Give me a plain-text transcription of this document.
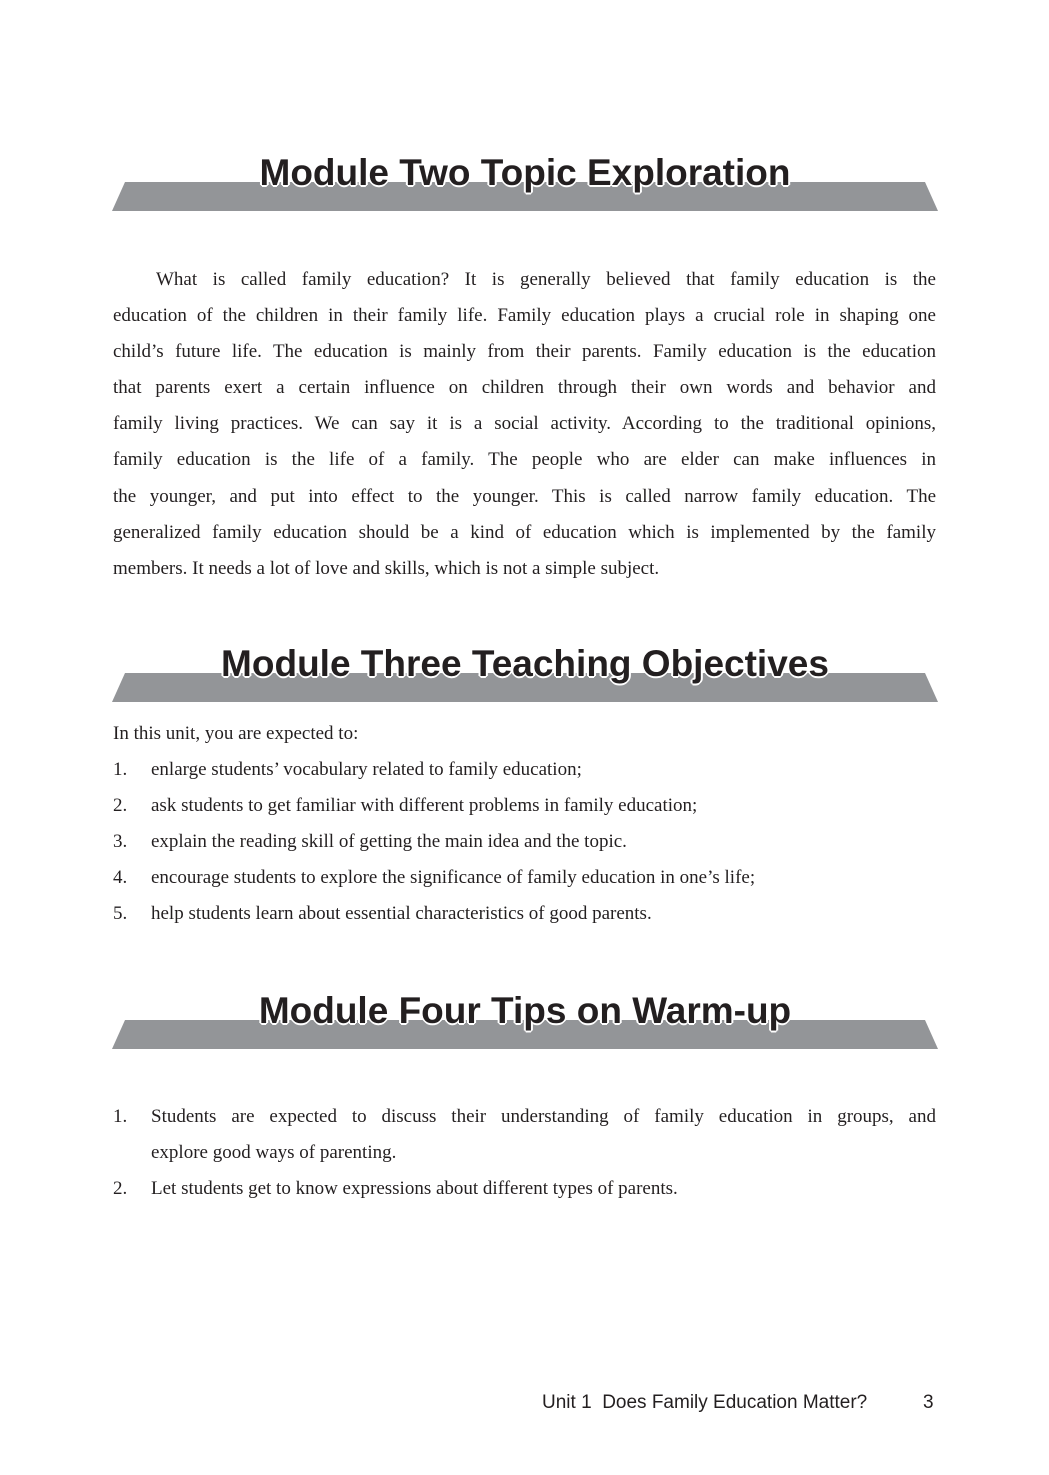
Module Two Topic Exploration
What is called family education? It is generally believed that family education is the
education of the children in their family life. Family education plays a crucial role in shaping one
child’s future life. The education is mainly from their parents. Family education is the education
that parents exert a certain influence on children through their own words and behavior and
family living practices. We can say it is a social activity. According to the traditional opinions,
family education is the life of a family. The people who are elder can make influences in
the younger, and put into effect to the younger. This is called narrow family education. The
generalized family education should be a kind of education which is implemented by the family
members. It needs a lot of love and skills, which is not a simple subject.
Module Three Teaching Objectives

In this unit, you are expected to:

1. enlarge students’ vocabulary related to family education;
2. ask students to get familiar with different problems in family education;
3. explain the reading skill of getting the main idea and the topic.
4. encourage students to explore the significance of family education in one’s life;
5. help students learn about essential characteristics of good parents.
Module Four Tips on Warm-up
1. Students are expected to discuss their understanding of family education in groups, and
explore good ways of parenting.
2. Let students get to know expressions about different types of parents.
Unit 1  Does Family Education Matter?	3
